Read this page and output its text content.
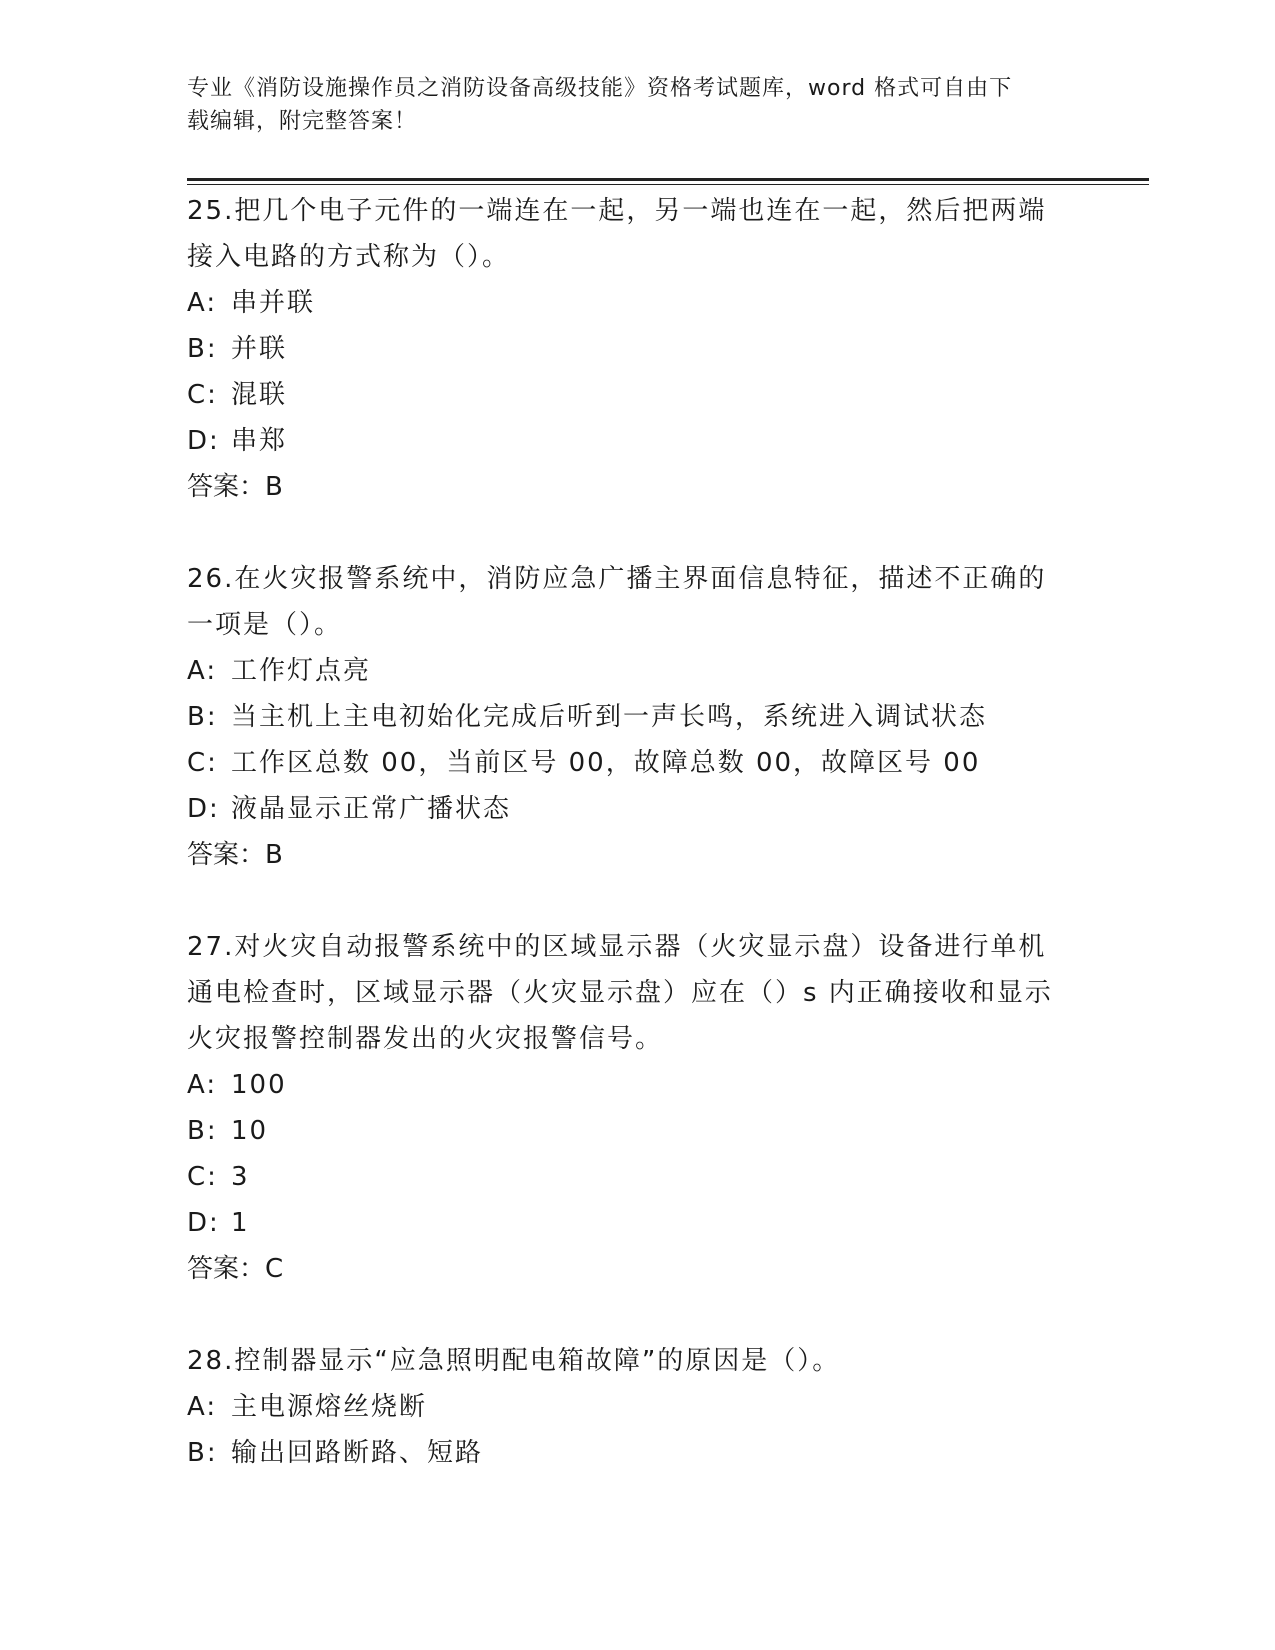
专业《消防设施操作员之消防设备高级技能》资格考试题库，word 格式可自由下
载编辑，附完整答案！

25.把几个电子元件的一端连在一起，另一端也连在一起，然后把两端

接入电路的方式称为（）。

A: 串并联

B: 并联

C: 混联

D: 串郑

答案：B

26.在火灾报警系统中，消防应急广播主界面信息特征，描述不正确的

一项是（）。

A: 工作灯点亮

B: 当主机上主电初始化完成后听到一声长鸣，系统进入调试状态

C: 工作区总数 00，当前区号 00，故障总数 00，故障区号 00

D: 液晶显示正常广播状态

答案：B

27.对火灾自动报警系统中的区域显示器（火灾显示盘）设备进行单机

通电检查时，区域显示器（火灾显示盘）应在（）s 内正确接收和显示

火灾报警控制器发出的火灾报警信号。

A: 100

B: 10

C: 3

D: 1

答案：C

28.控制器显示“应急照明配电箱故障”的原因是（）。

A: 主电源熔丝烧断

B: 输出回路断路、短路
